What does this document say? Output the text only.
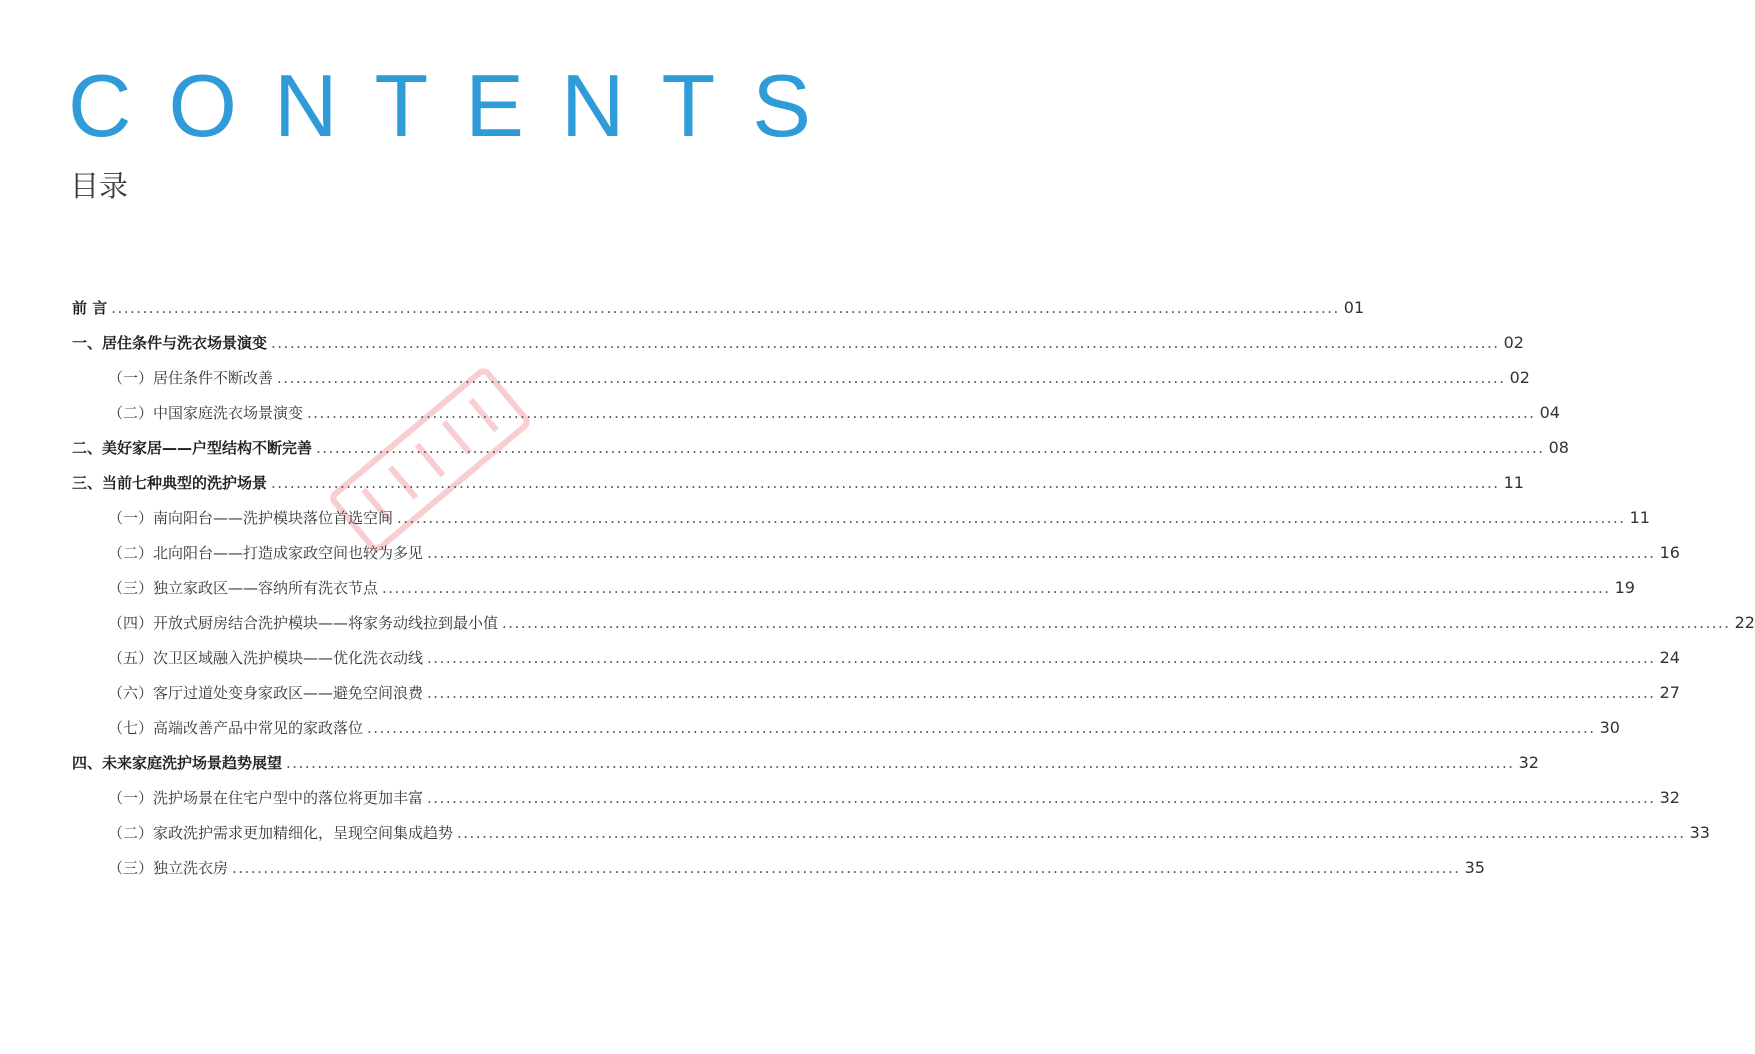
CONTENTS
目录
前 言 .....	01
一、居住条件与洗衣场景演变 .....	02
（一）居住条件不断改善 .....	02
（二）中国家庭洗衣场景演变 .....	04
二、美好家居——户型结构不断完善 .....	08
三、当前七种典型的洗护场景 .....	11
（一）南向阳台——洗护模块落位首选空间 .....	11
（二）北向阳台——打造成家政空间也较为多见 .....	16
（三）独立家政区——容纳所有洗衣节点 .....	19
（四）开放式厨房结合洗护模块——将家务动线拉到最小值 .....	22
（五）次卫区域融入洗护模块——优化洗衣动线 .....	24
（六）客厅过道处变身家政区——避免空间浪费 .....	27
（七）高端改善产品中常见的家政落位 .....	30
四、未来家庭洗护场景趋势展望 .....	32
（一）洗护场景在住宅户型中的落位将更加丰富 .....	32
（二）家政洗护需求更加精细化，呈现空间集成趋势 .....	33
（三）独立洗衣房 .....	35
